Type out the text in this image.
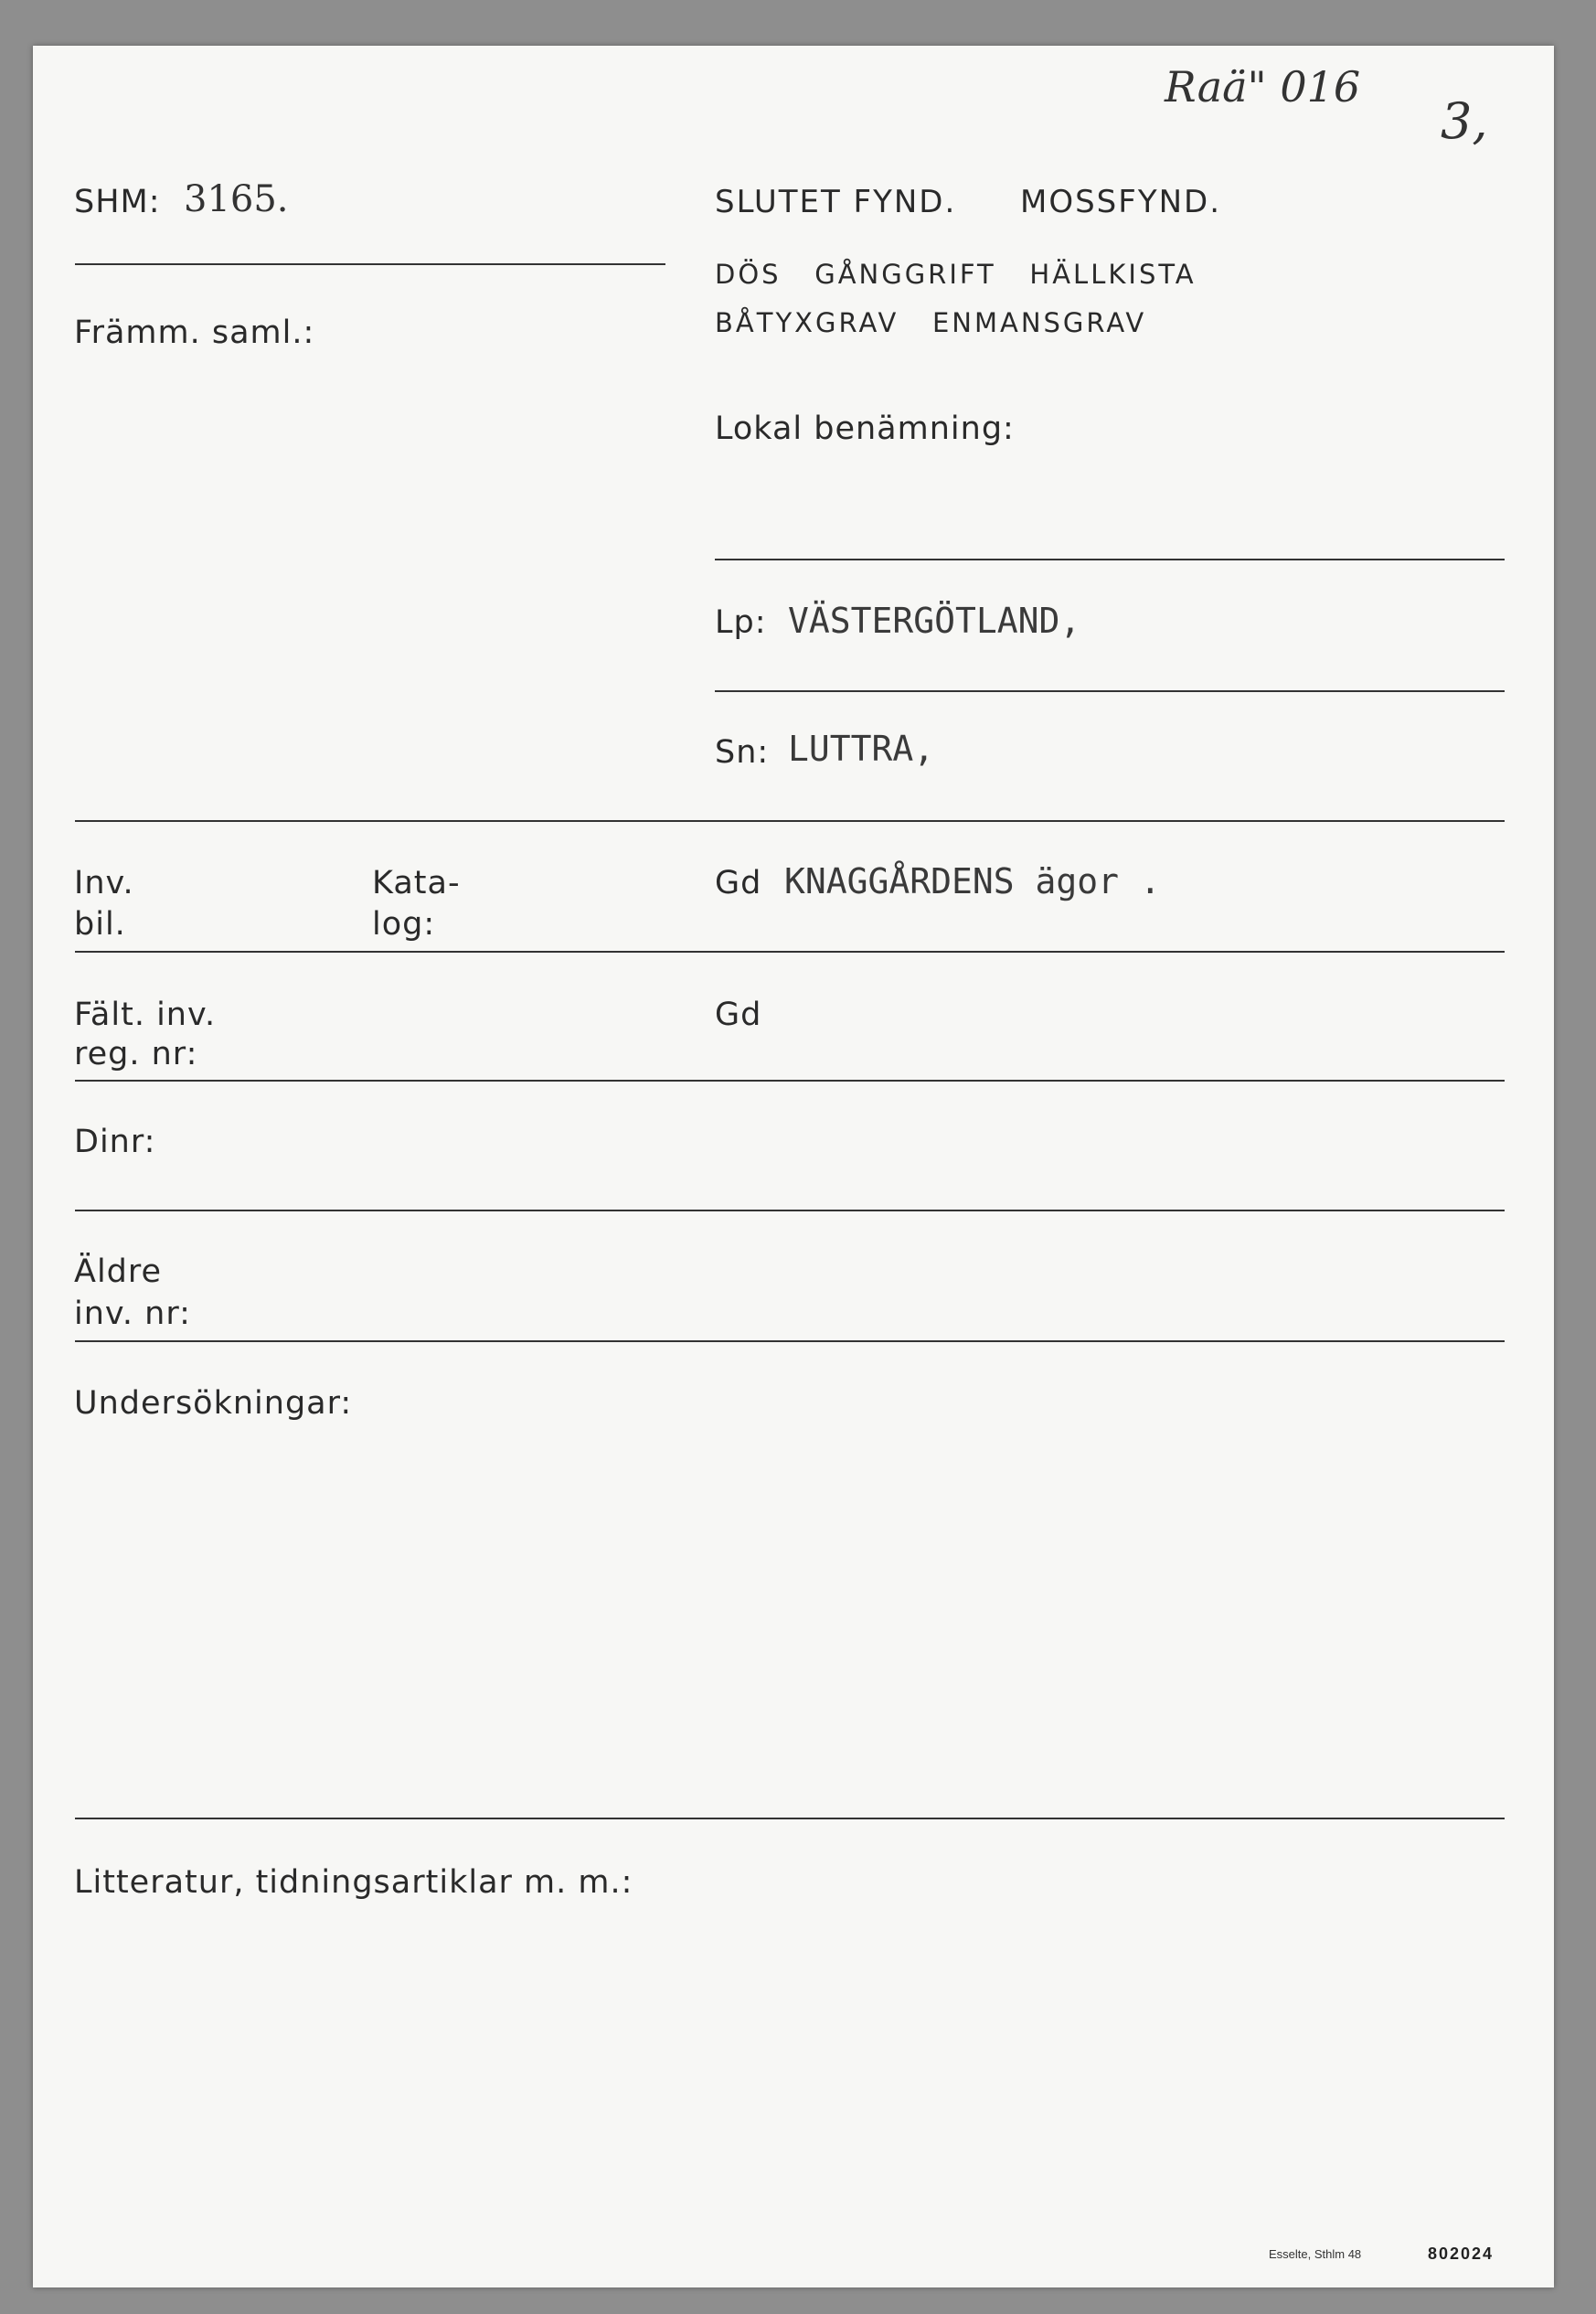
Raä" 016
3,
SHM: 3165.	SLUTET FYND. MOSSFYND.
DÖS   GÅNGGRIFT   HÄLLKISTA
BÅTYXGRAV   ENMANSGRAV
Främm. saml.:
Lokal benämning:
Lp: VÄSTERGÖTLAND,
Sn: LUTTRA,
Inv.
bil.
Kata-
log:
Gd KNAGGÅRDENS ägor .
Fält. inv.
reg. nr:
Gd
Dinr:
Äldre
inv. nr:
Undersökningar:
Litteratur, tidningsartiklar m. m.:
Esselte, Sthlm 48	802024
